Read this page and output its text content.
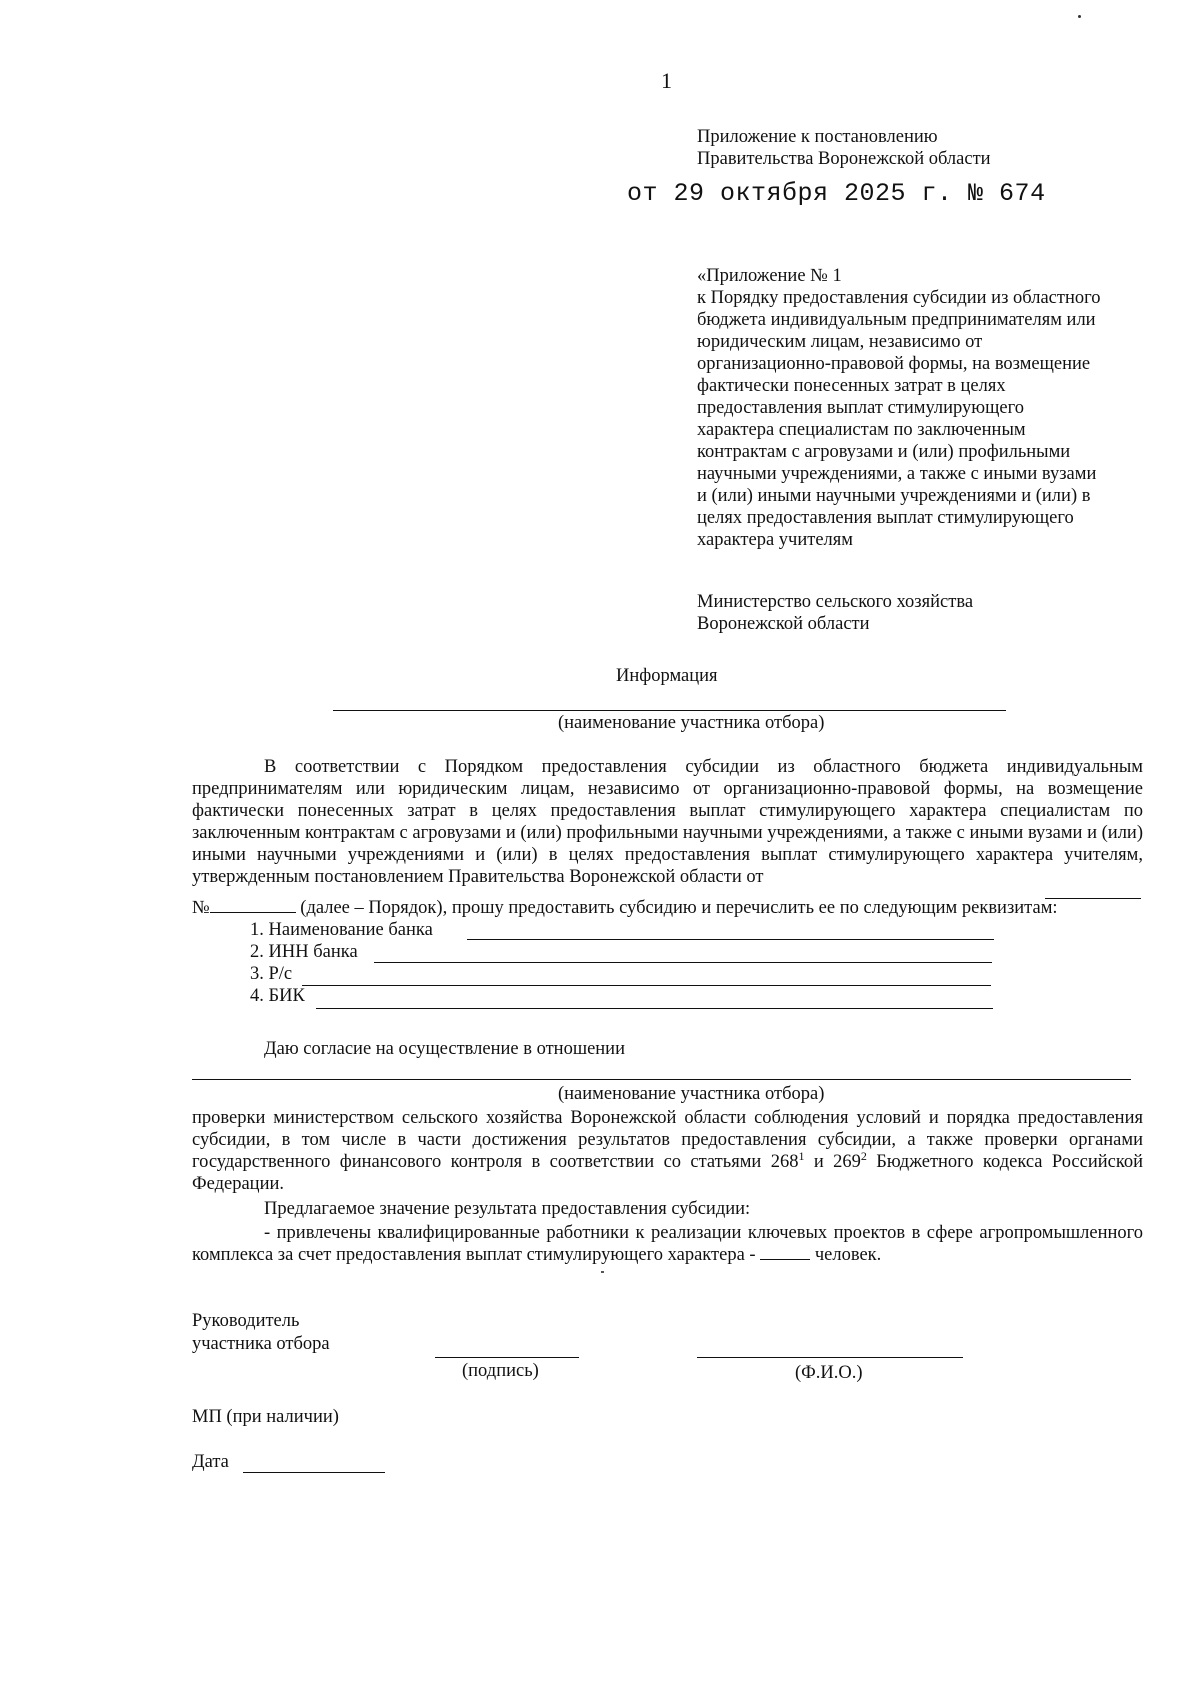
1
Приложение к постановлению
Правительства Воронежской области
от 29 октября 2025 г. № 674
«Приложение № 1
к Порядку предоставления субсидии из областного
бюджета индивидуальным предпринимателям или
юридическим лицам, независимо от
организационно-правовой формы, на возмещение
фактически понесенных затрат в целях
предоставления выплат стимулирующего
характера специалистам по заключенным
контрактам с агровузами и (или) профильными
научными учреждениями, а также с иными вузами
и (или) иными научными учреждениями и (или) в
целях предоставления выплат стимулирующего
характера учителям
Министерство сельского хозяйства
Воронежской области
Информация
(наименование участника отбора)
В соответствии с Порядком предоставления субсидии из областного бюджета индивидуальным предпринимателям или юридическим лицам, независимо от организационно-правовой формы, на возмещение фактически понесенных затрат в целях предоставления выплат стимулирующего характера специалистам по заключенным контрактам с агровузами и (или) профильными научными учреждениями, а также с иными вузами и (или) иными научными учреждениями и (или) в целях предоставления выплат стимулирующего характера учителям, утвержденным постановлением Правительства Воронежской области от
№	(далее – Порядок), прошу предоставить субсидию и перечислить ее по следующим реквизитам:
1. Наименование банка
2. ИНН банка
3. Р/с
4. БИК
Даю согласие на осуществление в отношении
(наименование участника отбора)
проверки министерством сельского хозяйства Воронежской области соблюдения условий и порядка предоставления субсидии, в том числе в части достижения результатов предоставления субсидии, а также проверки органами государственного финансового контроля в соответствии со статьями $268^1$ и $269^2$ Бюджетного кодекса Российской Федерации.
Предлагаемое значение результата предоставления субсидии:
- привлечены квалифицированные работники к реализации ключевых проектов в сфере агропромышленного комплекса за счет предоставления выплат стимулирующего характера -	человек.
Руководитель
участника отбора
(подпись)	(Ф.И.О.)
МП (при наличии)
Дата
